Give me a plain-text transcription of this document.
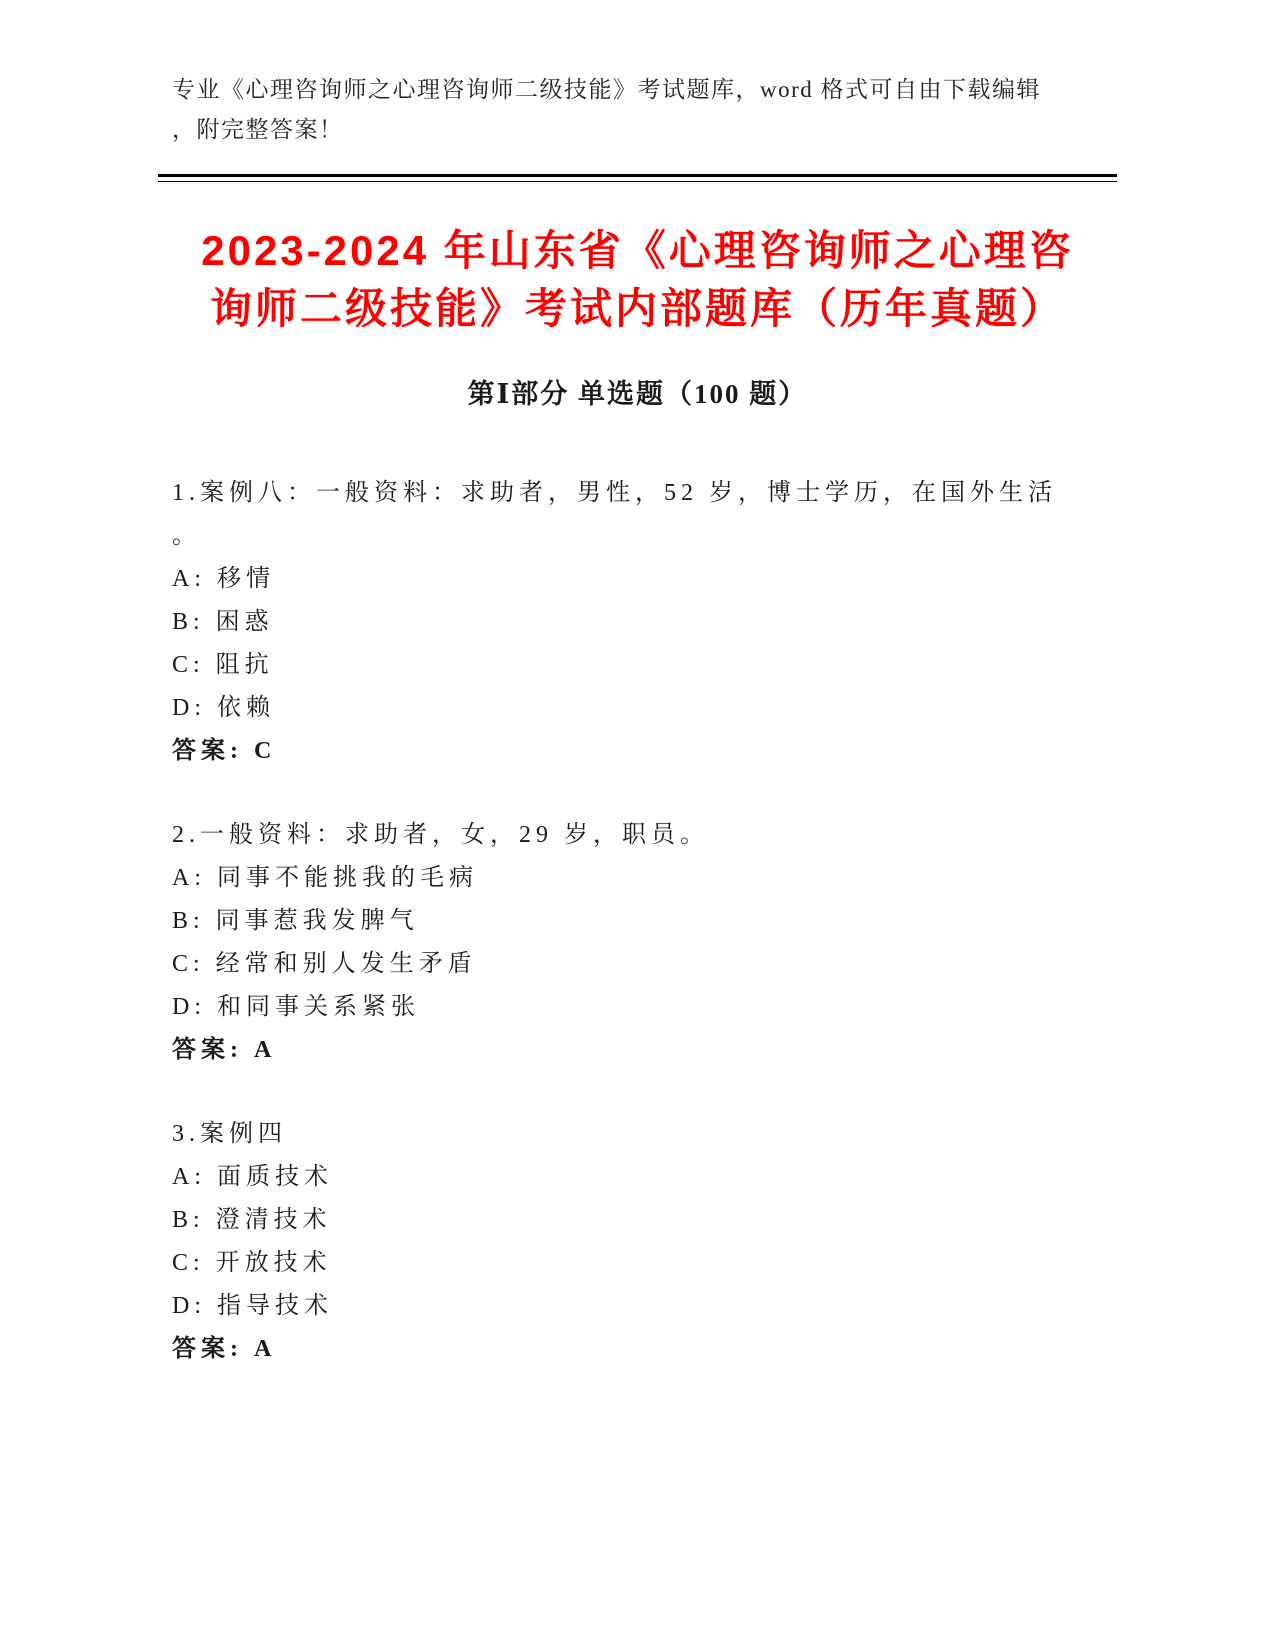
专业《心理咨询师之心理咨询师二级技能》考试题库，word 格式可自由下载编辑
，附完整答案！
2023-2024 年山东省《心理咨询师之心理咨
询师二级技能》考试内部题库（历年真题）
第Ⅰ部分 单选题（100 题）
1.案例八：一般资料：求助者，男性，52 岁，博士学历，在国外生活
。
A: 移情
B: 困惑
C: 阻抗
D: 依赖
答案: C
2.一般资料：求助者，女，29 岁，职员。
A: 同事不能挑我的毛病
B: 同事惹我发脾气
C: 经常和别人发生矛盾
D: 和同事关系紧张
答案: A
3.案例四
A: 面质技术
B: 澄清技术
C: 开放技术
D: 指导技术
答案: A
